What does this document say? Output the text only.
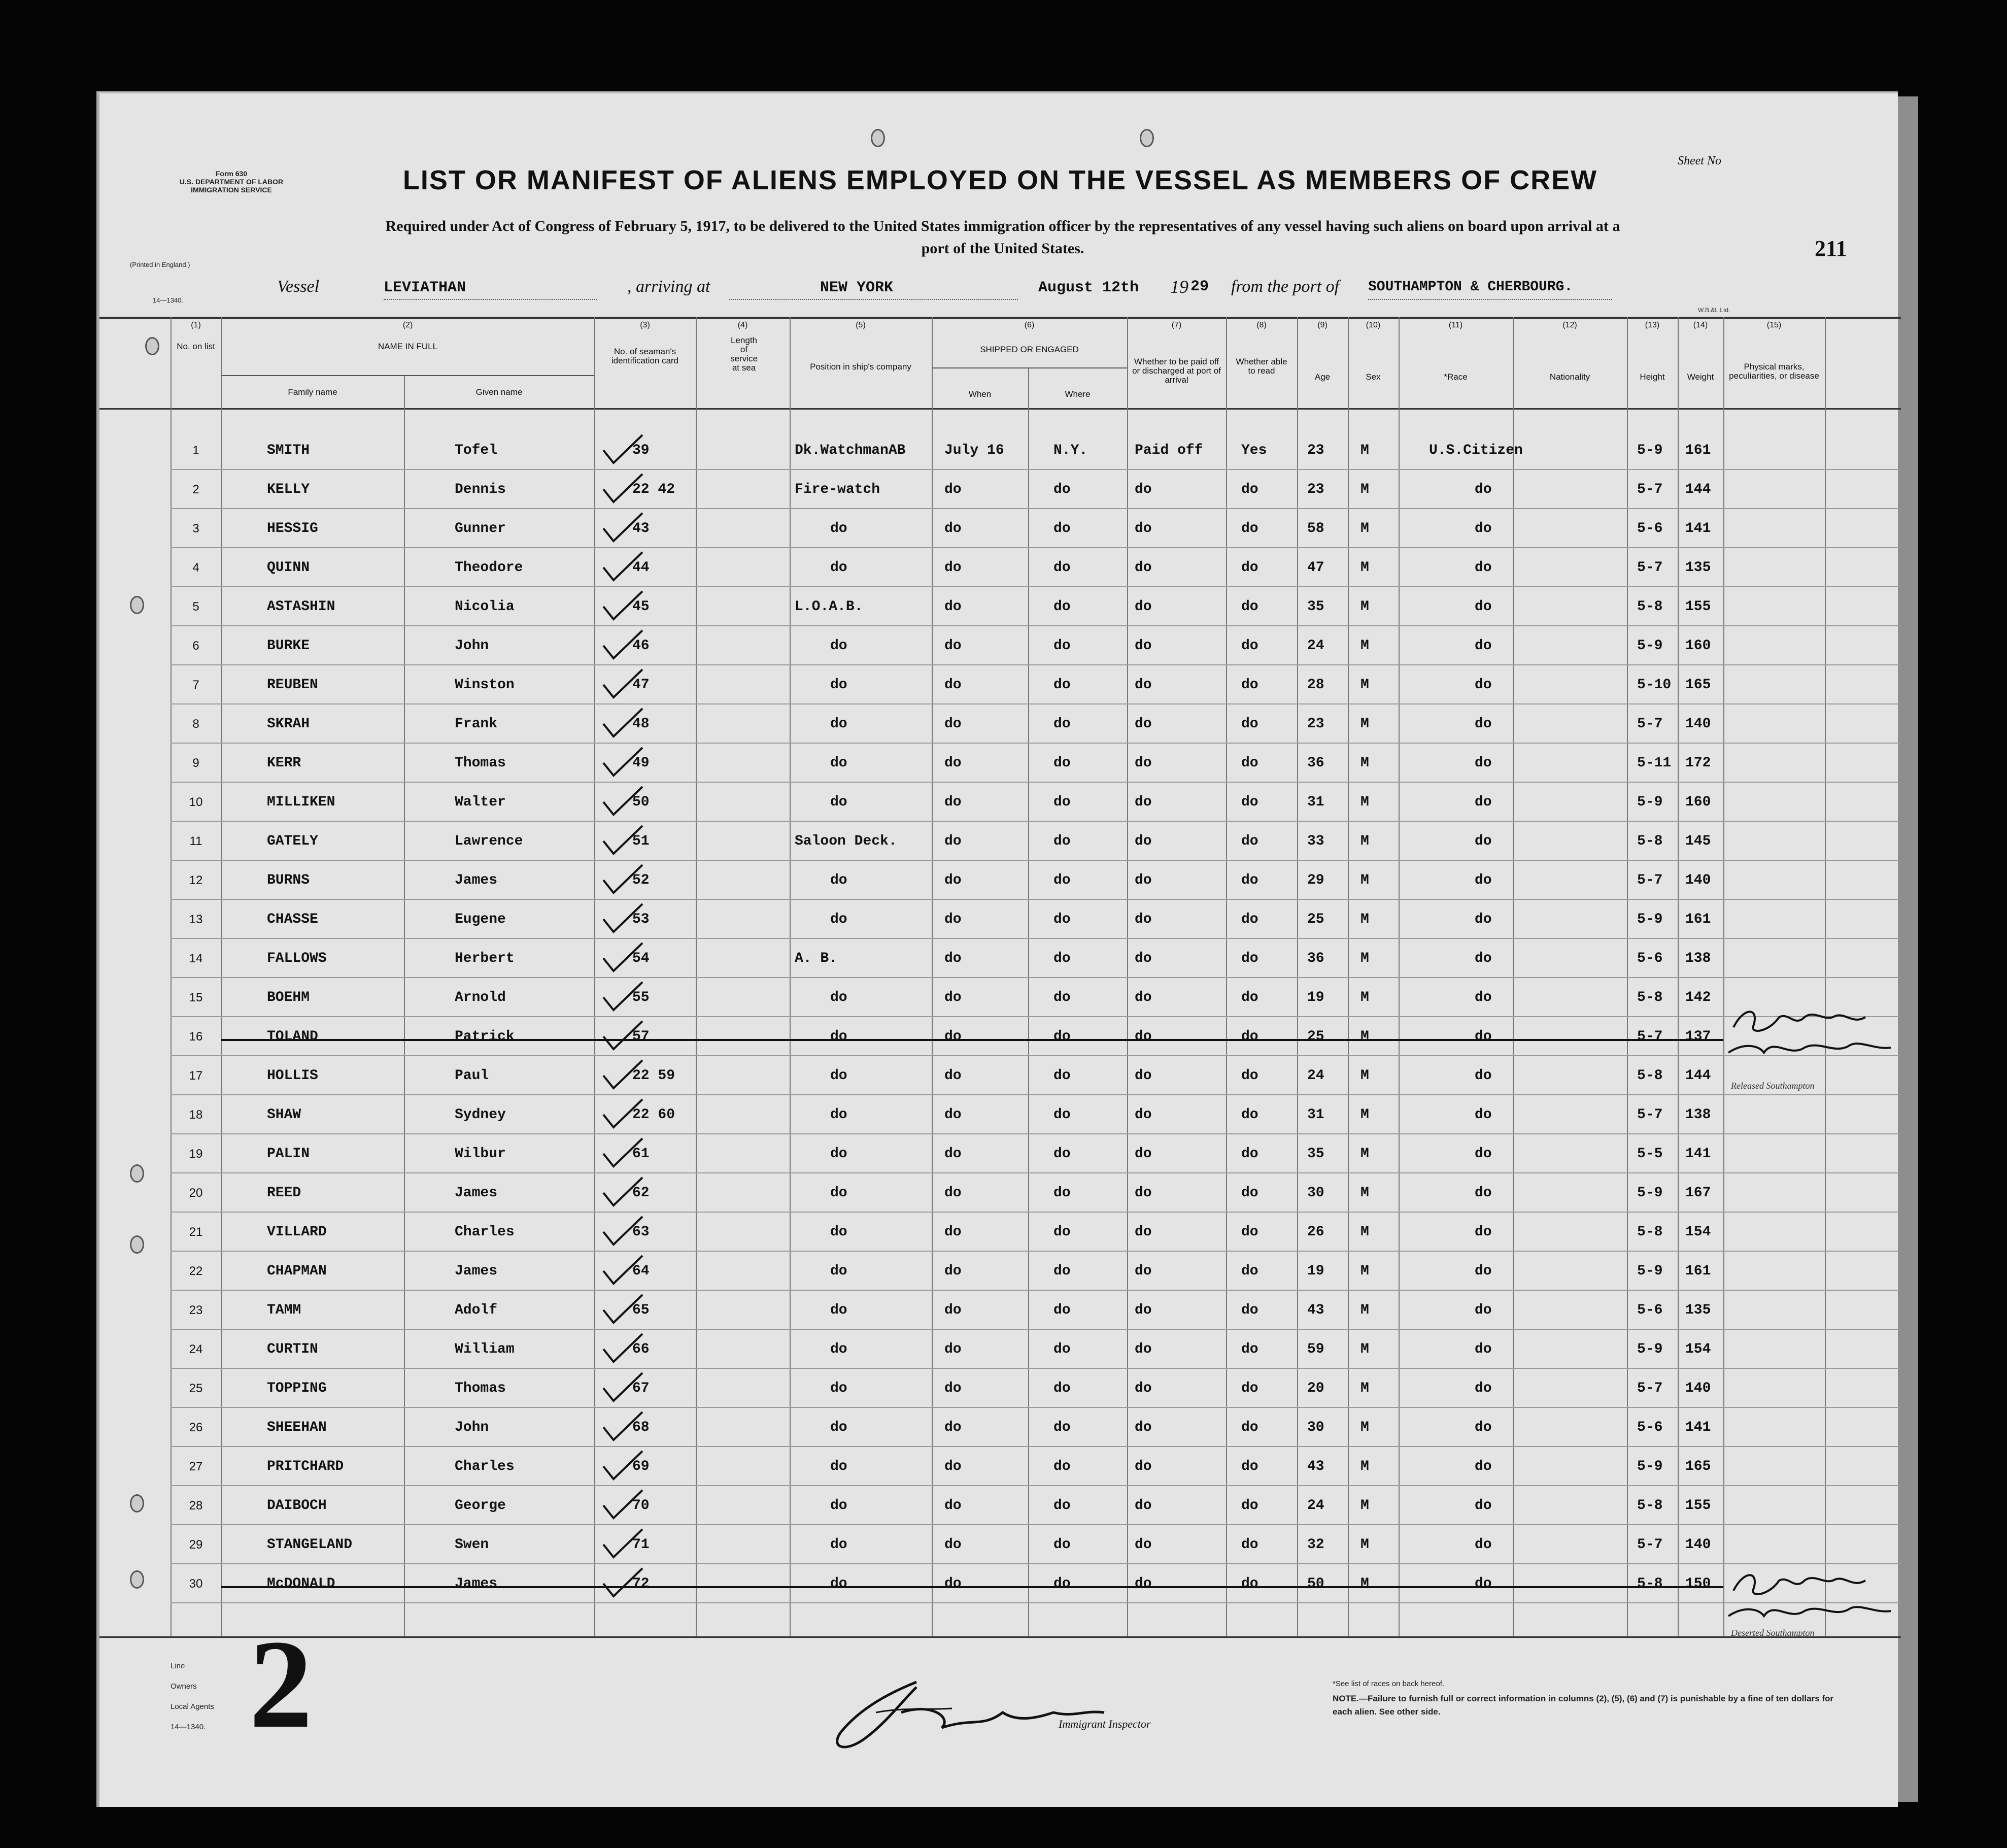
Form 630
U.S. DEPARTMENT OF LABOR
IMMIGRATION SERVICE
(Printed in England.)
14—1340.
Sheet No
211
LIST OR MANIFEST OF ALIENS EMPLOYED ON THE VESSEL AS MEMBERS OF CREW
Required under Act of Congress of February 5, 1917, to be delivered to the United States immigration officer by the representatives of any vessel having such aliens on board upon arrival at a
port of the United States.
Vessel	LEVIATHAN	, arriving at	NEW YORK	August 12th 19 29 from the port of SOUTHAMPTON & CHERBOURG.
W.B.&L.Ltd.
(1)
No. on list
(2)
NAME IN FULL
Family name	Given name
(3)
No. of seaman's identification card
(4)
Length of service at sea
(5)
Position in ship's company
(6)
SHIPPED OR ENGAGED
When	Where
(7)
Whether to be paid off or discharged at port of arrival
(8)
Whether able to read
(9)
Age
(10)
Sex
(11)
*Race
(12)
Nationality
(13)
Height
(14)
Weight
(15)
Physical marks, peculiarities, or disease
1	SMITH	Tofel	39	Dk.WatchmanAB	July 16	N.Y.	Paid off	Yes	23	M	U.S.Citizen	5-9 161
2	KELLY	Dennis	22 42	Fire-watch	do	do	do	do	23	M	do	5-7 144
3	HESSIG	Gunner	43	do	do	do	do	do	58	M	do	5-6 141
4	QUINN	Theodore	44	do	do	do	do	do	47	M	do	5-7 135
5	ASTASHIN	Nicolia	45	L.O.A.B.	do	do	do	do	35	M	do	5-8 155
6	BURKE	John	46	do	do	do	do	do	24	M	do	5-9 160
7	REUBEN	Winston	47	do	do	do	do	do	28	M	do	5-10 165
8	SKRAH	Frank	48	do	do	do	do	do	23	M	do	5-7 140
9	KERR	Thomas	49	do	do	do	do	do	36	M	do	5-11 172
10	MILLIKEN	Walter	50	do	do	do	do	do	31	M	do	5-9 160
11	GATELY	Lawrence	51	Saloon Deck.	do	do	do	do	33	M	do	5-8 145
12	BURNS	James	52	do	do	do	do	do	29	M	do	5-7 140
13	CHASSE	Eugene	53	do	do	do	do	do	25	M	do	5-9 161
14	FALLOWS	Herbert	54	A. B.	do	do	do	do	36	M	do	5-6 138
15	BOEHM	Arnold	55	do	do	do	do	do	19	M	do	5-8 142
16	TOLAND	Patrick	57	do	do	do	do	do	25	M	do	5-7 137
Released Southampton
17	HOLLIS	Paul	22 59	do	do	do	do	do	24	M	do	5-8 144
18	SHAW	Sydney	22 60	do	do	do	do	do	31	M	do	5-7 138
19	PALIN	Wilbur	61	do	do	do	do	do	35	M	do	5-5 141
20	REED	James	62	do	do	do	do	do	30	M	do	5-9 167
21	VILLARD	Charles	63	do	do	do	do	do	26	M	do	5-8 154
22	CHAPMAN	James	64	do	do	do	do	do	19	M	do	5-9 161
23	TAMM	Adolf	65	do	do	do	do	do	43	M	do	5-6 135
24	CURTIN	William	66	do	do	do	do	do	59	M	do	5-9 154
25	TOPPING	Thomas	67	do	do	do	do	do	20	M	do	5-7 140
26	SHEEHAN	John	68	do	do	do	do	do	30	M	do	5-6 141
27	PRITCHARD	Charles	69	do	do	do	do	do	43	M	do	5-9 165
28	DAIBOCH	George	70	do	do	do	do	do	24	M	do	5-8 155
29	STANGELAND	Swen	71	do	do	do	do	do	32	M	do	5-7 140
30	McDONALD	James	72	do	do	do	do	do	50	M	do	5-8 150
Deserted Southampton
Line
Owners
Local Agents
14—1340. 2	Immigrant Inspector
*See list of races on back hereof.
NOTE.—Failure to furnish full or correct information in columns (2), (5), (6) and (7) is punishable by a fine of ten dollars for each alien. See other side.
